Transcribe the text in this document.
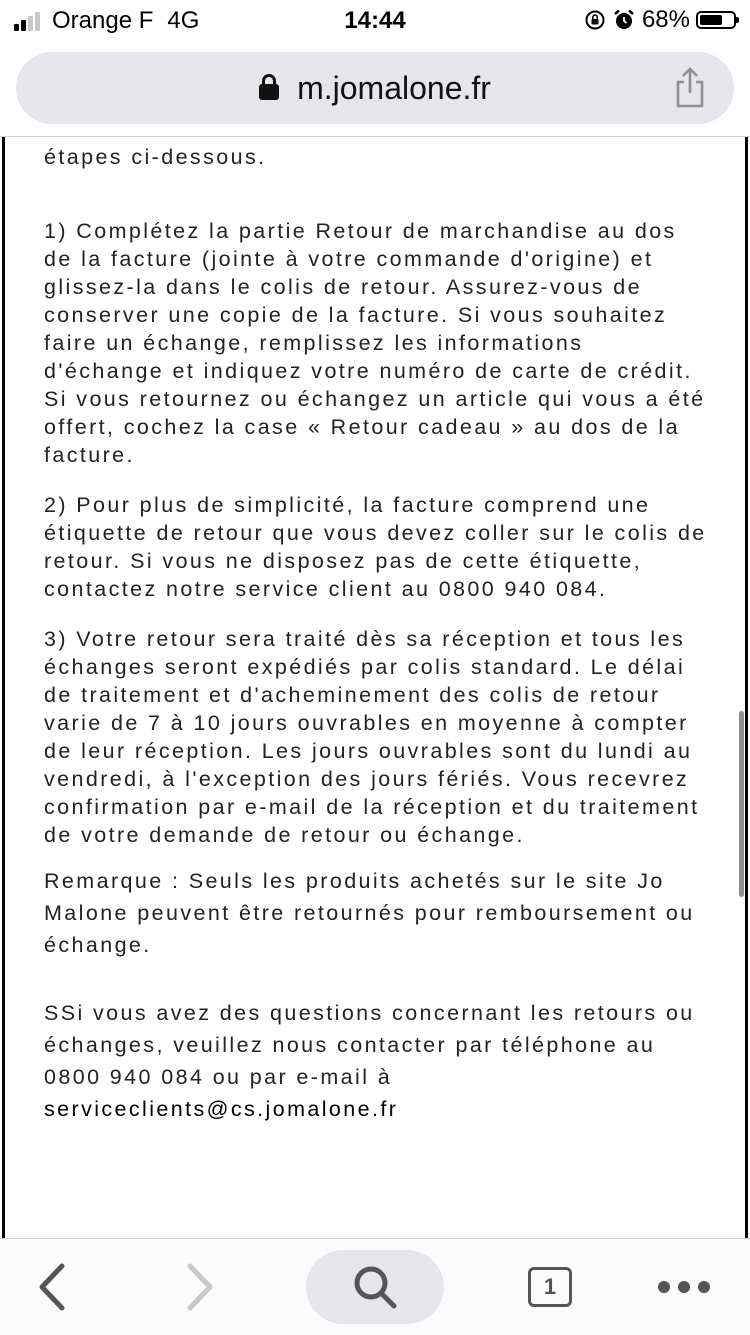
Orange F 4G	14:44	68%
m.jomalone.fr

étapes ci-dessous.

1) Complétez la partie Retour de marchandise au dos de la facture (jointe à votre commande d'origine) et glissez-la dans le colis de retour. Assurez-vous de conserver une copie de la facture. Si vous souhaitez faire un échange, remplissez les informations d'échange et indiquez votre numéro de carte de crédit. Si vous retournez ou échangez un article qui vous a été offert, cochez la case « Retour cadeau » au dos de la facture.

2) Pour plus de simplicité, la facture comprend une étiquette de retour que vous devez coller sur le colis de retour. Si vous ne disposez pas de cette étiquette, contactez notre service client au 0800 940 084.

3) Votre retour sera traité dès sa réception et tous les échanges seront expédiés par colis standard. Le délai de traitement et d'acheminement des colis de retour varie de 7 à 10 jours ouvrables en moyenne à compter de leur réception. Les jours ouvrables sont du lundi au vendredi, à l'exception des jours fériés. Vous recevrez confirmation par e-mail de la réception et du traitement de votre demande de retour ou échange.

Remarque : Seuls les produits achetés sur le site Jo Malone peuvent être retournés pour remboursement ou échange.

SSi vous avez des questions concernant les retours ou échanges, veuillez nous contacter par téléphone au 0800 940 084 ou par e-mail à serviceclients@cs.jomalone.fr

1
